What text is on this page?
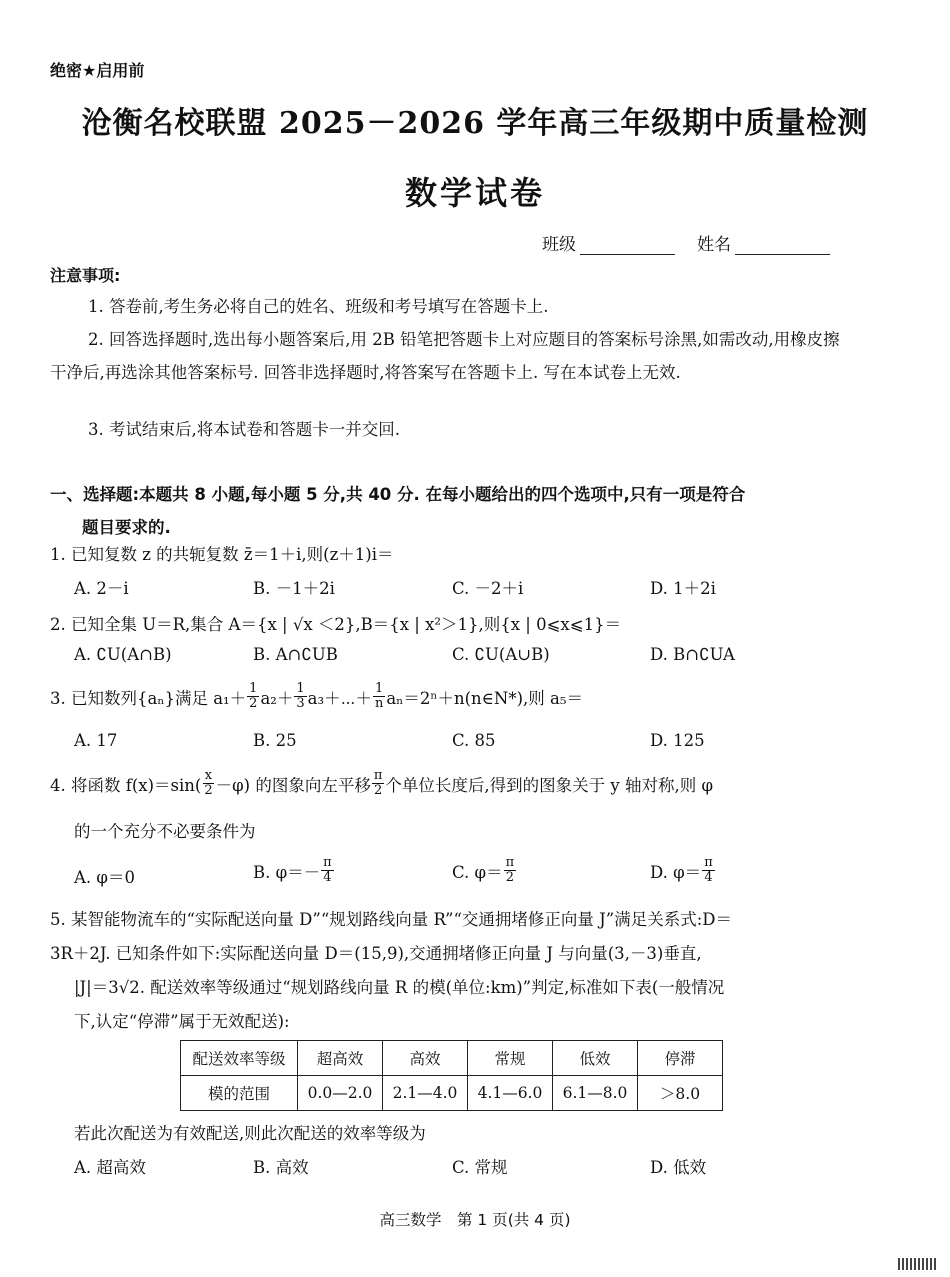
绝密★启用前
沧衡名校联盟 2025－2026 学年高三年级期中质量检测
数学试卷
班级	姓名
注意事项:
1. 答卷前,考生务必将自己的姓名、班级和考号填写在答题卡上.
2. 回答选择题时,选出每小题答案后,用 2B 铅笔把答题卡上对应题目的答案标号涂黑,如需改动,用橡皮擦干净后,再选涂其他答案标号. 回答非选择题时,将答案写在答题卡上. 写在本试卷上无效.
3. 考试结束后,将本试卷和答题卡一并交回.
一、选择题:本题共 8 小题,每小题 5 分,共 40 分. 在每小题给出的四个选项中,只有一项是符合
题目要求的.
1. 已知复数 z 的共轭复数 z̄＝1＋i,则(z＋1)i＝
A. 2－i	B. －1＋2i	C. －2＋i	D. 1＋2i
2. 已知全集 U＝R,集合 A＝{x | √x ＜2},B＝{x | x²＞1},则{x | 0⩽x⩽1}＝
A. ∁U(A∩B)	B. A∩∁UB	C. ∁U(A∪B)	D. B∩∁UA
3. 已知数列{aₙ}满足 $a_1+ \frac{1}{2} a_2+ \frac{1}{3}$ a₃＋⋯＋ $\frac{1}{n}$ aₙ＝2ⁿ＋n(n∈N*),则 a₅＝
A. 17	B. 25	C. 85	D. 125
4. 将函数 $f(x)=\sin( \frac{x}{2} -\varphi)$ 的图象向左平移 $\frac{\pi}{2}$ 个单位长度后,得到的图象关于 y 轴对称,则 φ
的一个充分不必要条件为
A. φ＝0	B. $\varphi=- \frac{\pi}{4}$	C. $\varphi= \frac{\pi}{2}$	D. $\varphi= \frac{\pi}{4}$
5. 某智能物流车的“实际配送向量 D”“规划路线向量 R”“交通拥堵修正向量 J”满足关系式:D＝
3R＋2J. 已知条件如下:实际配送向量 D＝(15,9),交通拥堵修正向量 J 与向量(3,－3)垂直,
|J|＝3√2. 配送效率等级通过“规划路线向量 R 的模(单位:km)”判定,标准如下表(一般情况
下,认定“停滞”属于无效配送):
配送效率等级	超高效	高效	常规	低效	停滞
模的范围	0.0—2.0	2.1—4.0	4.1—6.0	6.1—8.0	＞8.0
若此次配送为有效配送,则此次配送的效率等级为
A. 超高效	B. 高效	C. 常规	D. 低效
高三数学　第 1 页(共 4 页)
